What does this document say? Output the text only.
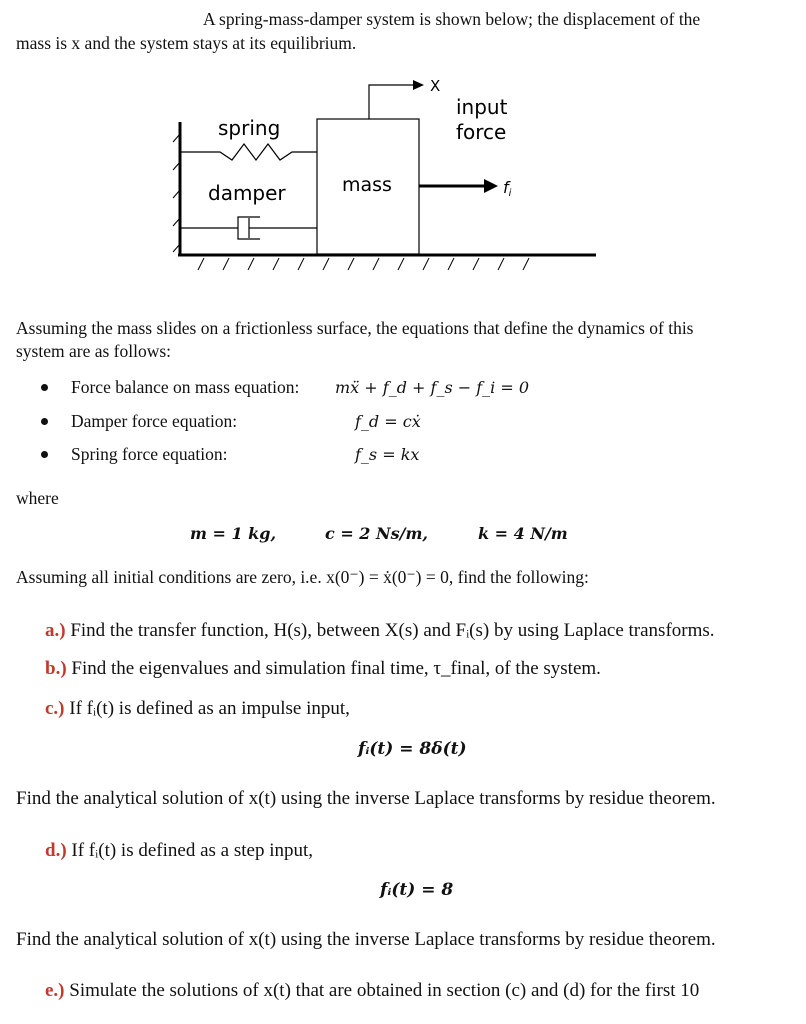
A spring-mass-damper system is shown below; the displacement of the
mass is x and the system stays at its equilibrium.
spring
damper	mass
input
force
X
fi
Assuming the mass slides on a frictionless surface, the equations that define the dynamics of this
system are as follows:
Force balance on mass equation: mẍ + f_d + f_s − f_i = 0
Damper force equation:	f_d = cẋ
Spring force equation:	f_s = kx
where
m = 1 kg,	c = 2 Ns/m,	k = 4 N/m
Assuming all initial conditions are zero, i.e. x(0⁻) = ẋ(0⁻) = 0, find the following:
a.) Find the transfer function, H(s), between X(s) and Fᵢ(s) by using Laplace transforms.
b.) Find the eigenvalues and simulation final time, τ_final, of the system.
c.) If fᵢ(t) is defined as an impulse input,
fᵢ(t) = 8δ(t)
Find the analytical solution of x(t) using the inverse Laplace transforms by residue theorem.
d.) If fᵢ(t) is defined as a step input,
fᵢ(t) = 8
Find the analytical solution of x(t) using the inverse Laplace transforms by residue theorem.
e.) Simulate the solutions of x(t) that are obtained in section (c) and (d) for the first 10
